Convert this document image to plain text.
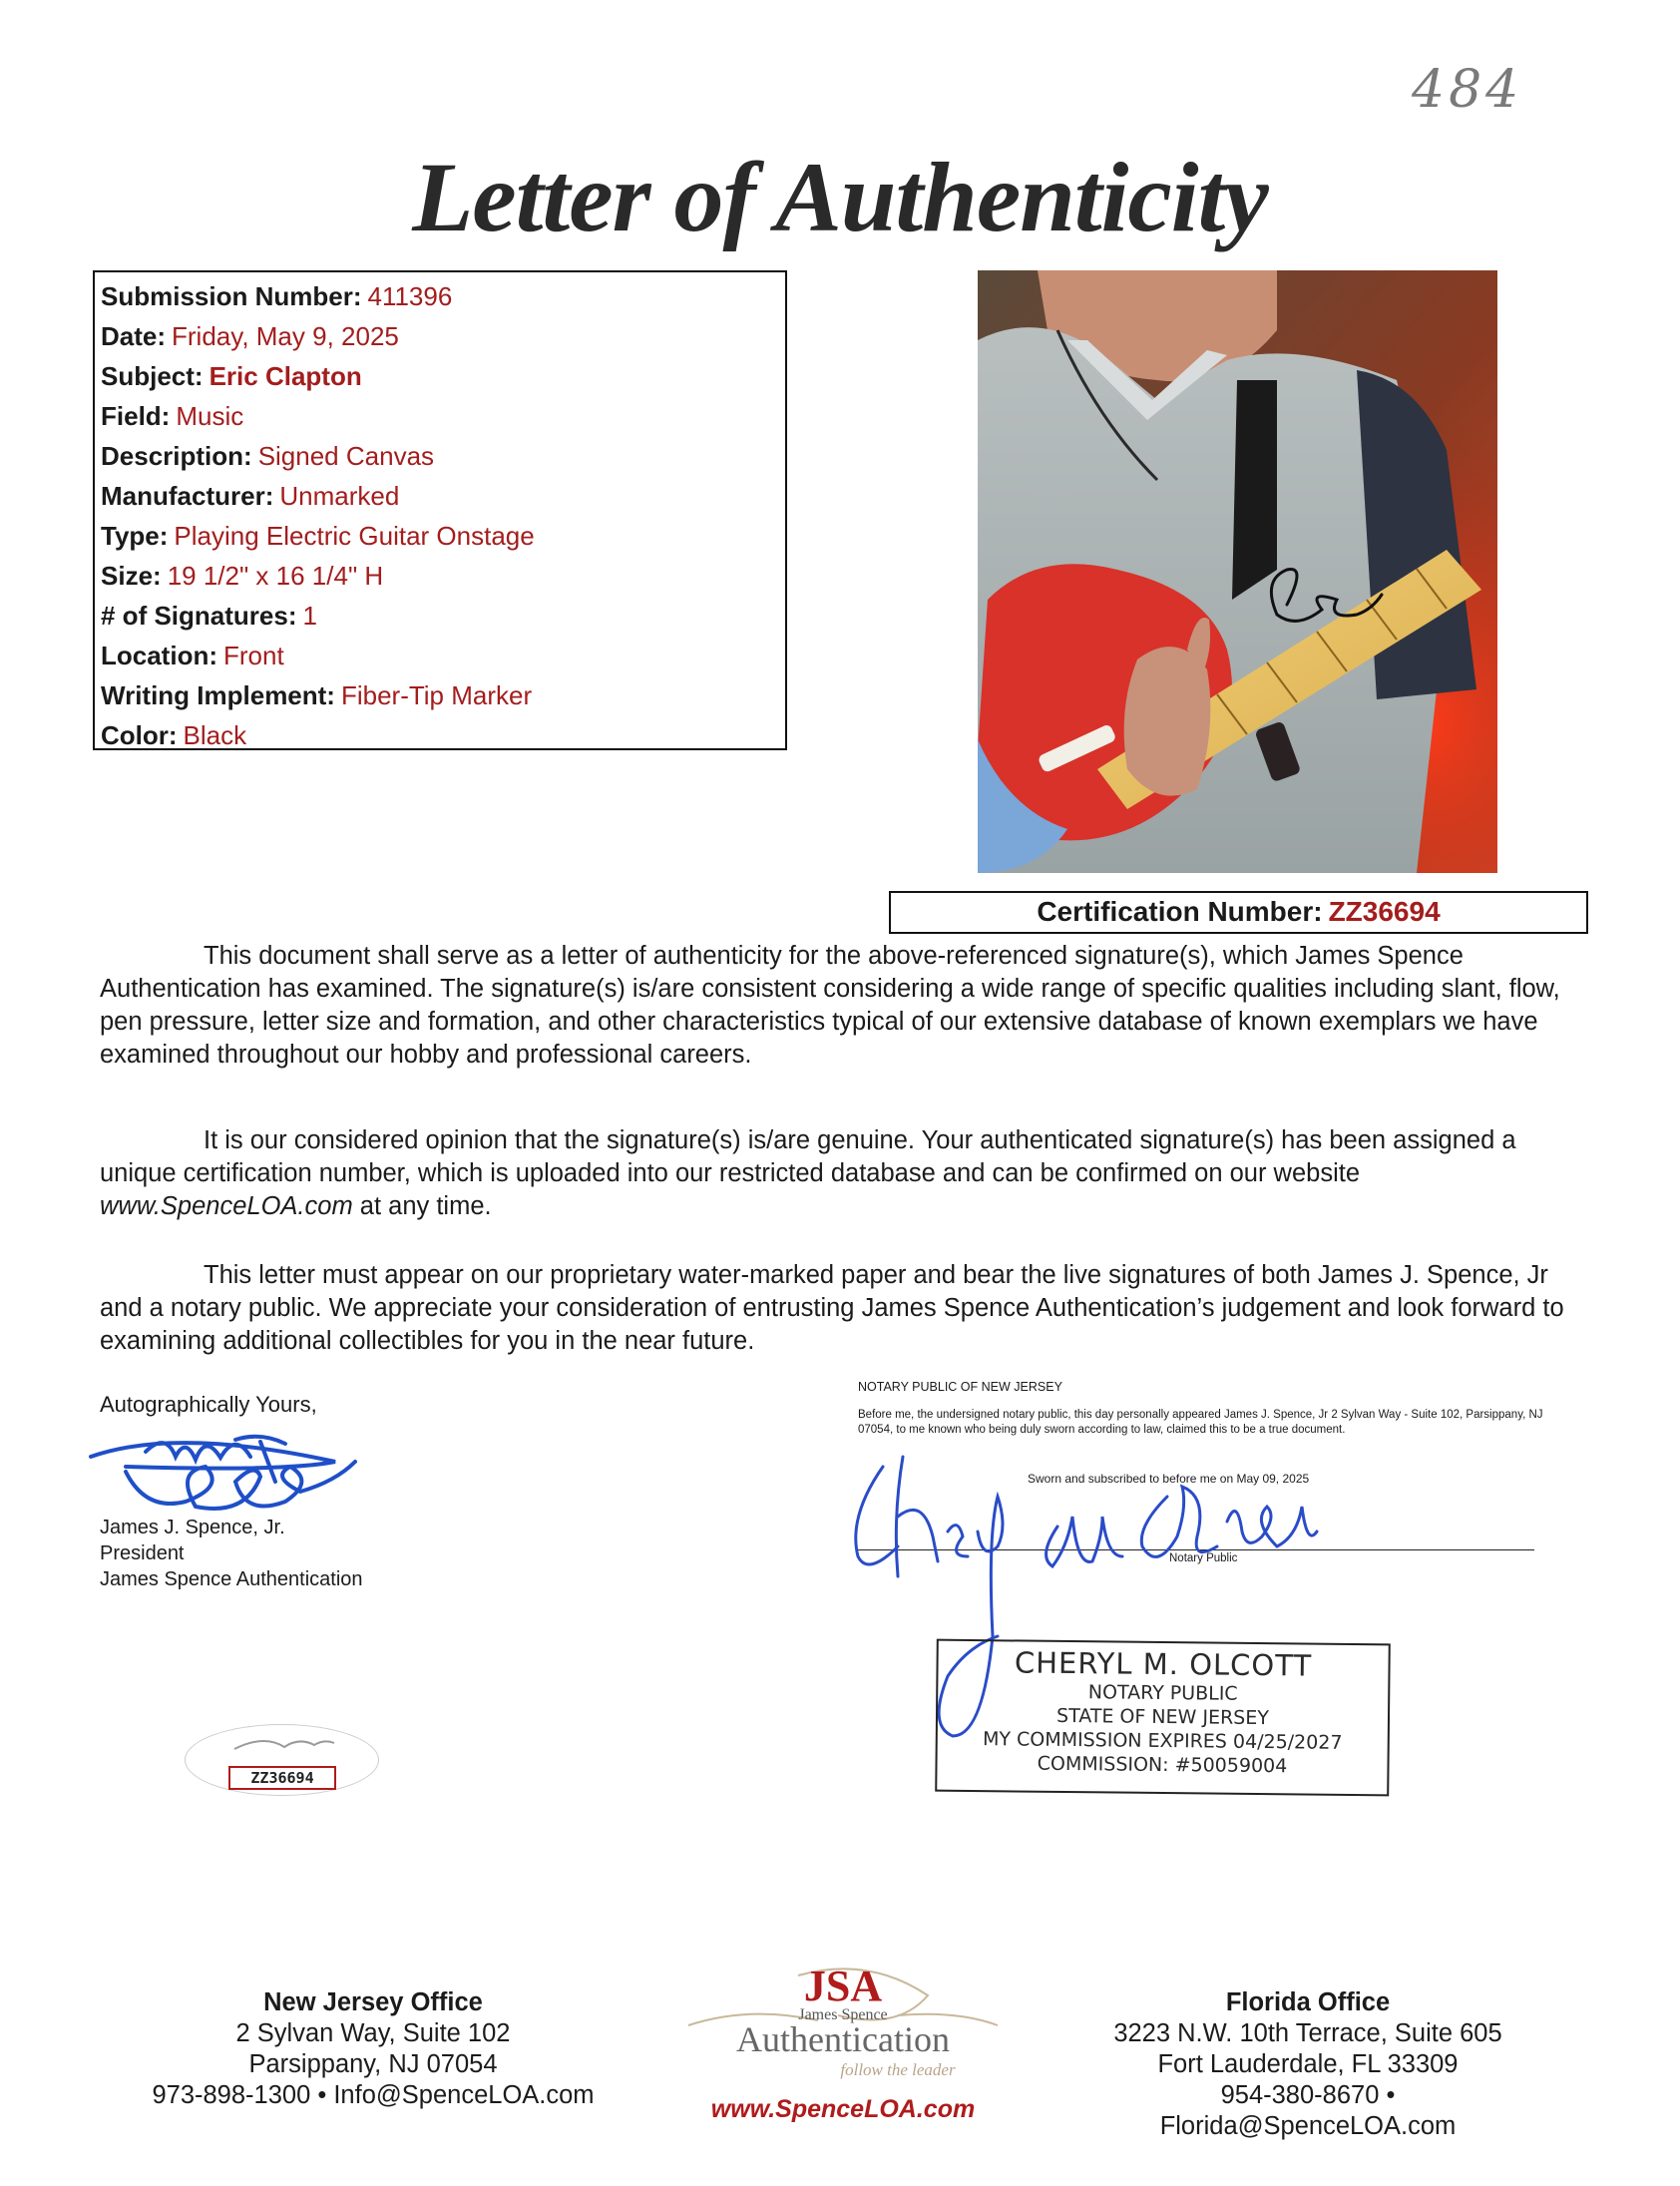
484
Letter of Authenticity
Submission Number: 411396
Date: Friday, May 9, 2025
Subject: Eric Clapton
Field: Music
Description: Signed Canvas
Manufacturer: Unmarked
Type: Playing Electric Guitar Onstage
Size: 19 1/2" x 16 1/4" H
# of Signatures: 1
Location: Front
Writing Implement: Fiber-Tip Marker
Color: Black
Certification Number: ZZ36694
This document shall serve as a letter of authenticity for the above-referenced signature(s), which James Spence Authentication has examined. The signature(s) is/are consistent considering a wide range of specific qualities including slant, flow, pen pressure, letter size and formation, and other characteristics typical of our extensive database of known exemplars we have examined throughout our hobby and professional careers.
It is our considered opinion that the signature(s) is/are genuine. Your authenticated signature(s) has been assigned a unique certification number, which is uploaded into our restricted database and can be confirmed on our website www.SpenceLOA.com at any time.
This letter must appear on our proprietary water-marked paper and bear the live signatures of both James J. Spence, Jr and a notary public. We appreciate your consideration of entrusting James Spence Authentication’s judgement and look forward to examining additional collectibles for you in the near future.
Autographically Yours,
James J. Spence, Jr.
President
James Spence Authentication
NOTARY PUBLIC OF NEW JERSEY
Before me, the undersigned notary public, this day personally appeared James J. Spence, Jr 2 Sylvan Way - Suite 102, Parsippany, NJ 07054, to me known who being duly sworn according to law, claimed this to be a true document.
Sworn and subscribed to before me on May 09, 2025
Notary Public
CHERYL M. OLCOTT
NOTARY PUBLIC
STATE OF NEW JERSEY
MY COMMISSION EXPIRES 04/25/2027
COMMISSION: #50059004
ZZ36694
New Jersey Office
2 Sylvan Way, Suite 102
Parsippany, NJ 07054
973-898-1300 • Info@SpenceLOA.com
JSA
James Spence
Authentication
follow the leader
www.SpenceLOA.com
Florida Office
3223 N.W. 10th Terrace, Suite 605
Fort Lauderdale, FL 33309
954-380-8670 • Florida@SpenceLOA.com
